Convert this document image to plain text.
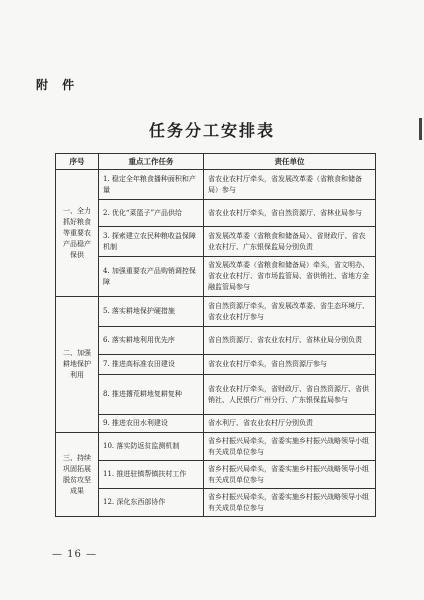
附 件
任务分工安排表
序号	重点工作任务	责任单位
一、全力抓好粮食等重要农产品稳产保供	1. 稳定全年粮食播种面积和产量	省农业农村厅牵头，省发展改革委（省粮食和储备局）参与
	2. 优化“菜篮子”产品供给	省农业农村厅牵头，省自然资源厅、省林业局参与
	3. 探索建立农民种粮收益保障机制	省发展改革委（省粮食和储备局）、省财政厅、省农业农村厅、广东银保监局分别负责
	4. 加强重要农产品购销调控保障	省发展改革委（省粮食和储备局）牵头，省文明办、省农业农村厅、省市场监管局、省供销社、省地方金融监管局参与
二、加强耕地保护利用	5. 落实耕地保护硬措施	省自然资源厅牵头，省发展改革委、省生态环境厅、省农业农村厅参与
	6. 落实耕地利用优先序	省自然资源厅、省农业农村厅、省林业局分别负责
	7. 推进高标准农田建设	省农业农村厅牵头，省自然资源厅参与
	8. 推进撂荒耕地复耕复种	省农业农村厅牵头，省财政厅、省自然资源厅、省供销社、人民银行广州分行、广东银保监局参与
	9. 推进农田水利建设	省水利厅、省农业农村厅分别负责
三、持续巩固拓展脱贫攻坚成果	10. 落实防返贫监测机制	省乡村振兴局牵头，省委实施乡村振兴战略领导小组有关成员单位参与
	11. 推进驻镇帮镇扶村工作	省乡村振兴局牵头，省委实施乡村振兴战略领导小组有关成员单位参与
	12. 深化东西部协作	省乡村振兴局牵头，省委实施乡村振兴战略领导小组有关成员单位参与
— 16 —
